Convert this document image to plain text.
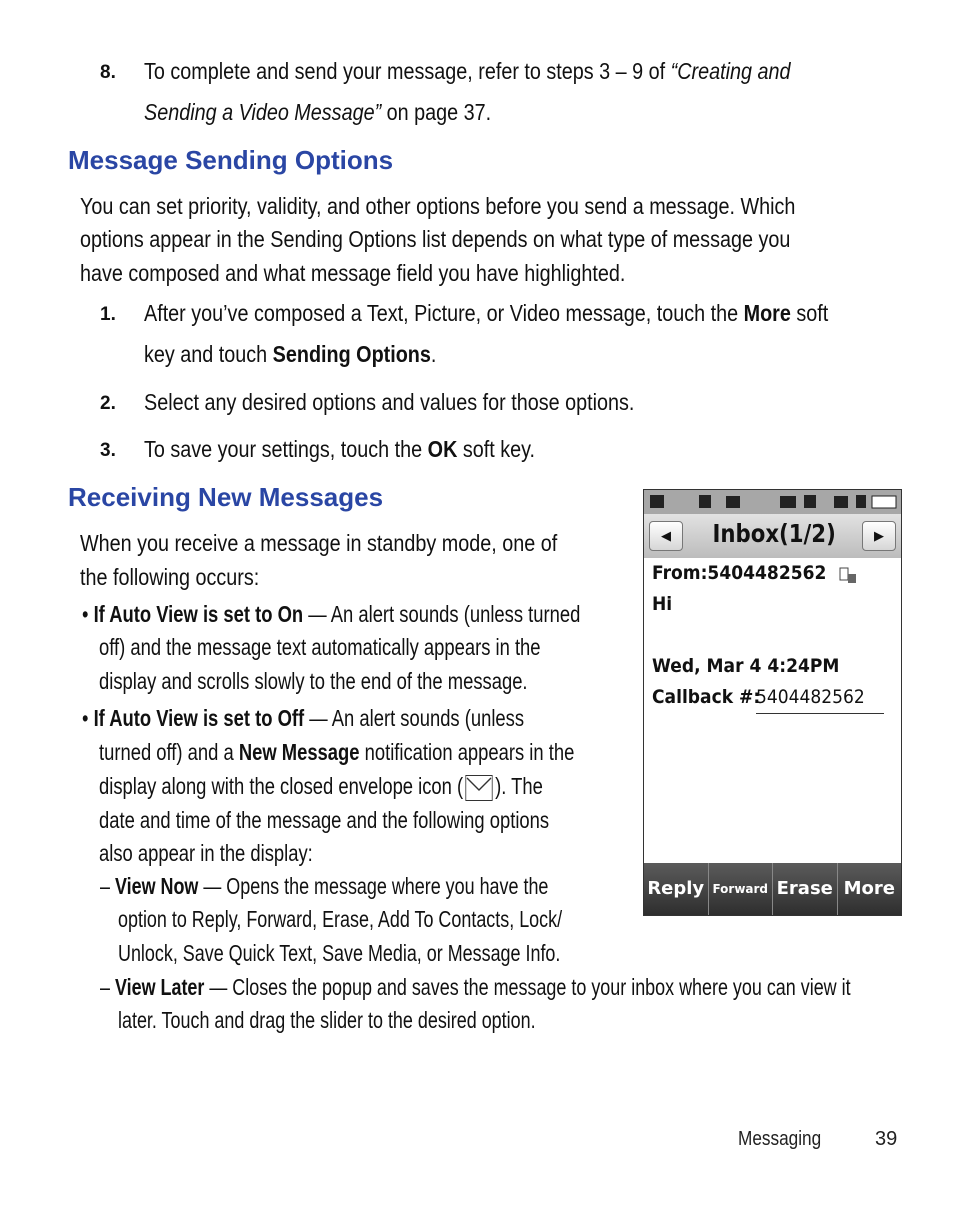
8. To complete and send your message, refer to steps 3 – 9 of “Creating and
Sending a Video Message” on page 37.
Message Sending Options
You can set priority, validity, and other options before you send a message. Which
options appear in the Sending Options list depends on what type of message you
have composed and what message field you have highlighted.
1. After you’ve composed a Text, Picture, or Video message, touch the More soft
key and touch Sending Options.
2. Select any desired options and values for those options.
3. To save your settings, touch the OK soft key.
Receiving New Messages
When you receive a message in standby mode, one of
the following occurs:
• If Auto View is set to On — An alert sounds (unless turned
off) and the message text automatically appears in the
display and scrolls slowly to the end of the message.
• If Auto View is set to Off — An alert sounds (unless
turned off) and a New Message notification appears in the
display along with the closed envelope icon ( ). The
date and time of the message and the following options
also appear in the display:
– View Now — Opens the message where you have the
option to Reply, Forward, Erase, Add To Contacts, Lock/
Unlock, Save Quick Text, Save Media, or Message Info.
– View Later — Closes the popup and saves the message to your inbox where you can view it
later. Touch and drag the slider to the desired option.
◀	Inbox(1/2)	▶
From:5404482562
Hi
Wed, Mar 4 4:24PM
Callback #:
5404482562
Reply Forward Erase More
Messaging	39
